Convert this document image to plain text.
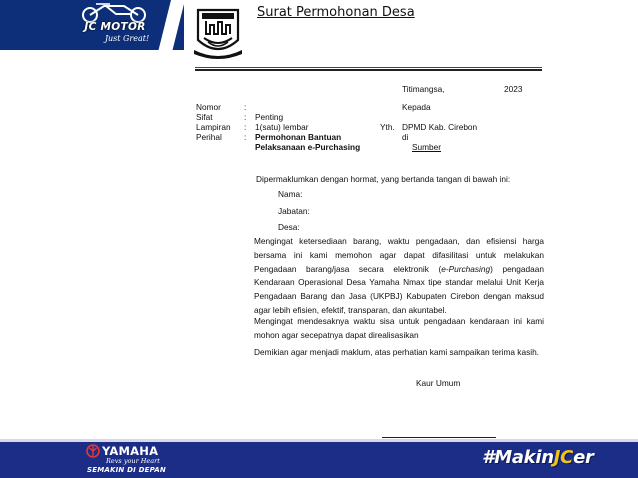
JC MOTOR
Just Great!
Surat Permohonan Desa
Titimangsa,	2023
Nomor	:
Sifat	: Penting
Lampiran : 1(satu) lembar
Perihal	: Permohonan Bantuan
Pelaksanaan e-Purchasing
Kepada
Yth. DPMD Kab. Cirebon
di
Sumber
Dipermaklumkan dengan hormat, yang bertanda tangan di bawah ini:
Nama:
Jabatan:
Desa:
Mengingat ketersediaan barang, waktu pengadaan, dan efisiensi harga bersama ini kami memohon agar dapat difasilitasi untuk melakukan Pengadaan barang/jasa secara elektronik (e-Purchasing) pengadaan Kendaraan Operasional Desa Yamaha Nmax tipe standar melalui Unit Kerja Pengadaan Barang dan Jasa (UKPBJ) Kabupaten Cirebon dengan maksud agar lebih efisien, efektif, transparan, dan akuntabel.
Mengingat mendesaknya waktu sisa untuk pengadaan kendaraan ini kami mohon agar secepatnya dapat direalisasikan
Demikian agar menjadi maklum, atas perhatian kami sampaikan terima kasih.
Kaur Umum
YAMAHA
Revs your Heart
SEMAKIN DI DEPAN
#MakinJCer
